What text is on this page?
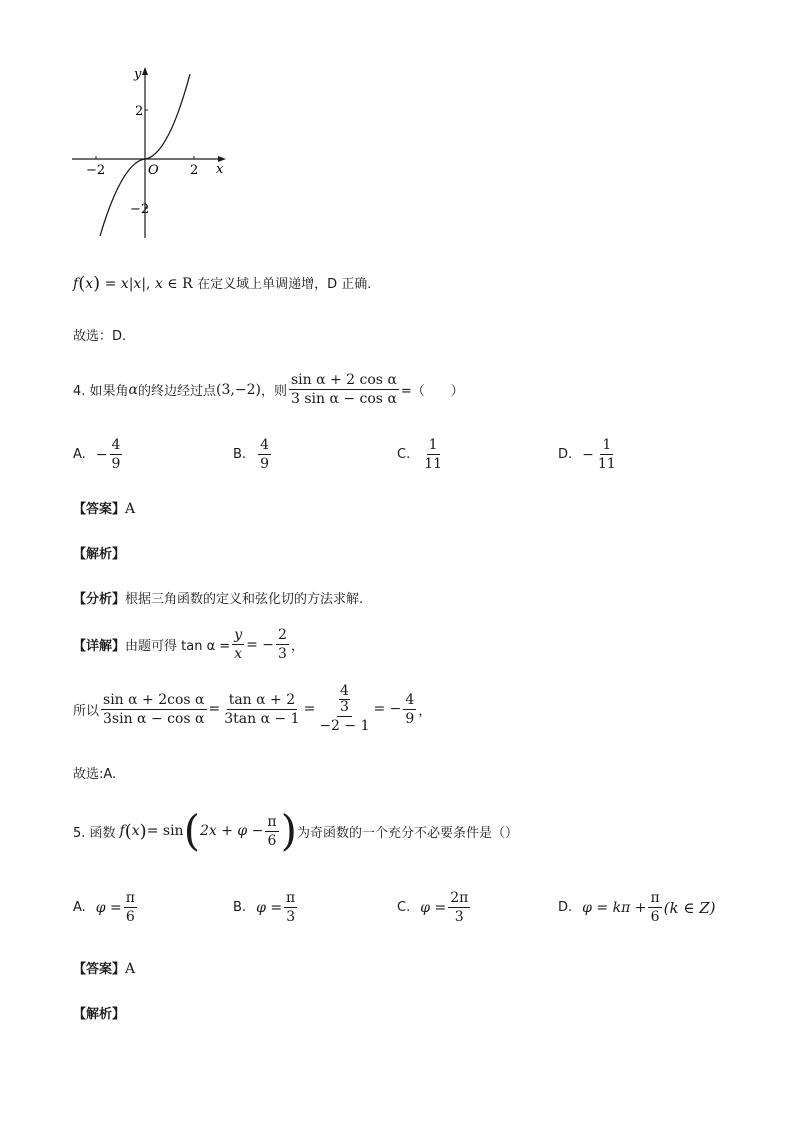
y
x
O
2
−2
−2	2
f(x) = x|x|, x ∈ R 在定义域上单调递增，D 正确.
故选：D.
4. 如果角 α 的终边经过点 (3,−2) ，则 $\frac{\text{sin α + 2 cos α}}{\text{3 sin α − cos α}}$ =（　　）
A. − $\frac{4}{9}$	B. $\frac{4}{9}$	C. $\frac{1}{11}$	D. − $\frac{1}{11}$
【答案】A
【解析】
【分析】根据三角函数的定义和弦化切的方法求解.
【详解】 由题可得 $\tan \alpha = \frac{y}{x}$ = − $\frac{2}{3}$ ，
所以 $\frac{\text{sin α + 2cos α}}{\text{3sin α − cos α}} = \frac{\text{tan α + 2}}{\text{3tan α − 1}} = 4$
3
−2 − 1 = − $\frac{4}{9}$ ，
故选:A.
5. 函数 f ( x ) = sin ( $2x + \varphi - \frac{\pi}{6}$ ) 为奇函数的一个充分不必要条件是（）
A. $\varphi = \frac{\pi}{6}$	B. $\varphi = \frac{\pi}{3}$	C. $\varphi = \frac{2\pi}{3}$	D. $\varphi = k\pi + \frac{\pi}{6} (k$ ∈ Z)
【答案】A
【解析】
